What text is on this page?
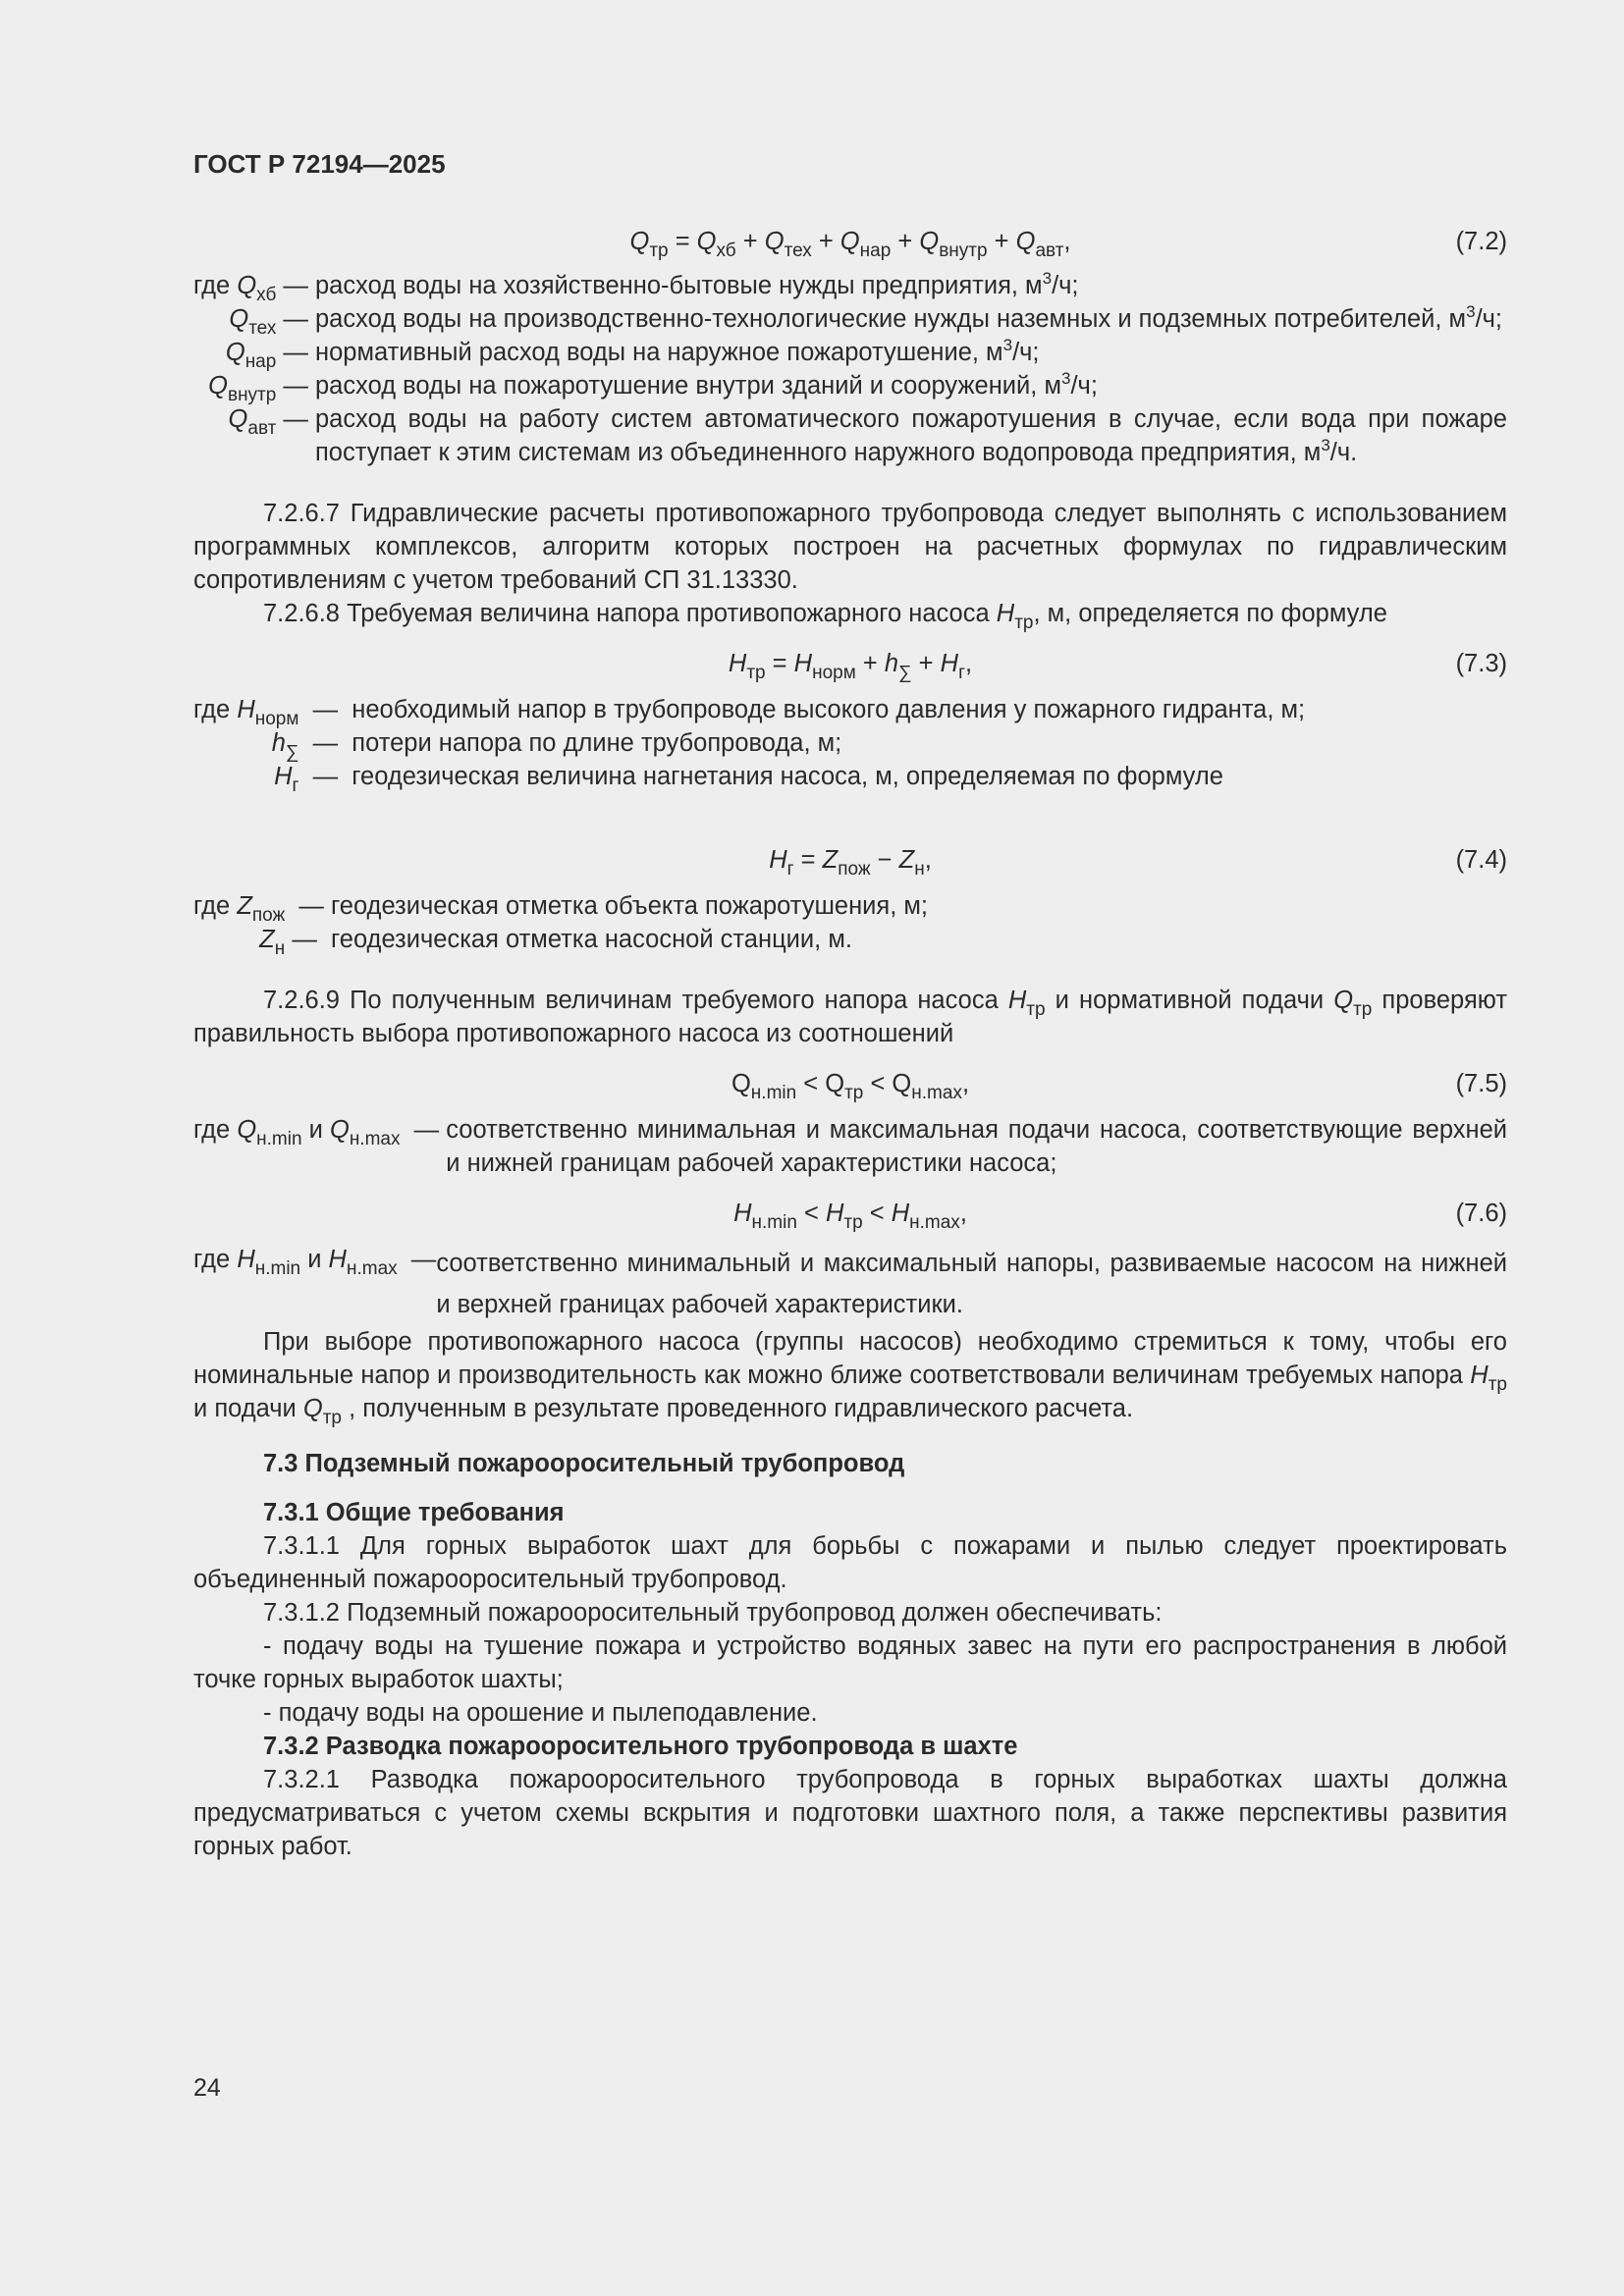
ГОСТ Р 72194—2025
$Q_{тр} = Q_{хб} + Q_{тех} + Q_{нар} + Q_{внутр} + Q_{авт}$,	(7.2)
где $Q_{хб}$	—	расход воды на хозяйственно-бытовые нужды предприятия, $м^3/ч$;
$Q_{тех}$	—	расход воды на производственно-технологические нужды наземных и подземных потребителей, $м^3/ч$;
$Q_{нар}$	—	нормативный расход воды на наружное пожаротушение, $м^3/ч$;
$Q_{внутр}$	—	расход воды на пожаротушение внутри зданий и сооружений, $м^3/ч$;
$Q_{авт}$	—	расход воды на работу систем автоматического пожаротушения в случае, если вода при пожаре поступает к этим системам из объединенного наружного водопровода предприятия, $м^3/ч$.
7.2.6.7 Гидравлические расчеты противопожарного трубопровода следует выполнять с использованием программных комплексов, алгоритм которых построен на расчетных формулах по гидравлическим сопротивлениям с учетом требований СП 31.13330.
7.2.6.8 Требуемая величина напора противопожарного насоса $H_{тр}$, м, определяется по формуле
$H_{тр} = H_{норм} + h_\sum + H_г$,	(7.3)
где $H_{норм}$	—	необходимый напор в трубопроводе высокого давления у пожарного гидранта, м;
$h_\sum$	—	потери напора по длине трубопровода, м;
$H_г$	—	геодезическая величина нагнетания насоса, м, определяемая по формуле
$H_г = Z_{пож} - Z_н$,	(7.4)
где $Z_{пож}$	—	геодезическая отметка объекта пожаротушения, м;
$Z_н$	—	геодезическая отметка насосной станции, м.
7.2.6.9 По полученным величинам требуемого напора насоса $H_{тр}$ и нормативной подачи $Q_{тр}$ проверяют правильность выбора противопожарного насоса из соотношений
$Q_{н.min} < Q_{тр} < Q_{н.max}$,	(7.5)
где $Q_{н.min}$ и $Q_{н.max}$	—	соответственно минимальная и максимальная подачи насоса, соответствующие верхней и нижней границам рабочей характеристики насоса;
$H_{н.min} < H_{тр} < H_{н.max}$,	(7.6)
где $H_{н.min}$ и $H_{н.max}$	—	соответственно минимальный и максимальный напоры, развиваемые насосом на нижней и верхней границах рабочей характеристики.
При выборе противопожарного насоса (группы насосов) необходимо стремиться к тому, чтобы его номинальные напор и производительность как можно ближе соответствовали величинам требуемых напора $H_{тр}$ и подачи $Q_{тр}$ , полученным в результате проведенного гидравлического расчета.
7.3 Подземный пожарооросительный трубопровод
7.3.1 Общие требования
7.3.1.1 Для горных выработок шахт для борьбы с пожарами и пылью следует проектировать объединенный пожарооросительный трубопровод.
7.3.1.2 Подземный пожарооросительный трубопровод должен обеспечивать:
- подачу воды на тушение пожара и устройство водяных завес на пути его распространения в любой точке горных выработок шахты;
- подачу воды на орошение и пылеподавление.
7.3.2 Разводка пожарооросительного трубопровода в шахте
7.3.2.1 Разводка пожарооросительного трубопровода в горных выработках шахты должна предусматриваться с учетом схемы вскрытия и подготовки шахтного поля, а также перспективы развития горных работ.
24
